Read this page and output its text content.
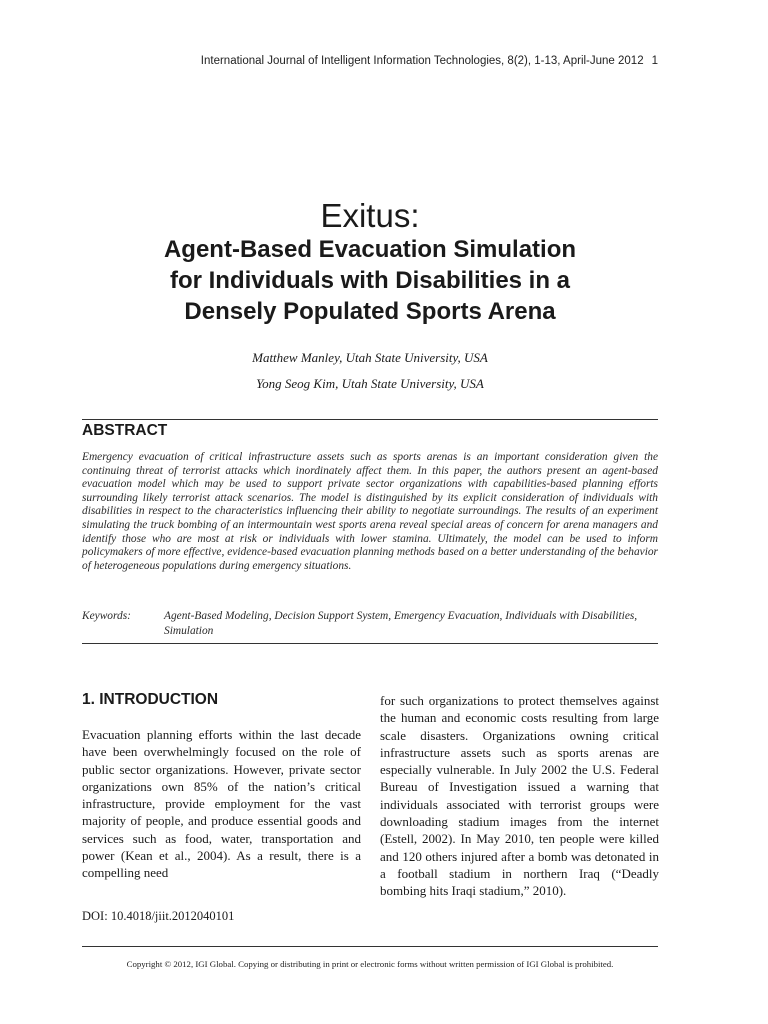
International Journal of Intelligent Information Technologies, 8(2), 1-13, April-June 2012 1
Exitus:
Agent-Based Evacuation Simulation
for Individuals with Disabilities in a
Densely Populated Sports Arena
Matthew Manley, Utah State University, USA
Yong Seog Kim, Utah State University, USA
ABSTRACT
Emergency evacuation of critical infrastructure assets such as sports arenas is an important consideration given the continuing threat of terrorist attacks which inordinately affect them. In this paper, the authors present an agent-based evacuation model which may be used to support private sector organizations with capabilities-based planning efforts surrounding likely terrorist attack scenarios. The model is distinguished by its explicit consideration of individuals with disabilities in respect to the characteristics influencing their ability to negotiate surroundings. The results of an experiment simulating the truck bombing of an intermountain west sports arena reveal special areas of concern for arena managers and identify those who are most at risk or individuals with lower stamina. Ultimately, the model can be used to inform policymakers of more effective, evidence-based evacuation planning methods based on a better understanding of the behavior of heterogeneous populations during emergency situations.
Keywords:	Agent-Based Modeling, Decision Support System, Emergency Evacuation, Individuals with Disabilities, Simulation
1. INTRODUCTION
Evacuation planning efforts within the last decade have been overwhelmingly focused on the role of public sector organizations. However, private sector organizations own 85% of the nation’s critical infrastructure, provide employment for the vast majority of people, and produce essential goods and services such as food, water, transportation and power (Kean et al., 2004). As a result, there is a compelling need
for such organizations to protect themselves against the human and economic costs resulting from large scale disasters. Organizations owning critical infrastructure assets such as sports arenas are especially vulnerable. In July 2002 the U.S. Federal Bureau of Investigation issued a warning that individuals associated with terrorist groups were downloading stadium images from the internet (Estell, 2002). In May 2010, ten people were killed and 120 others injured after a bomb was detonated in a football stadium in northern Iraq (“Deadly bombing hits Iraqi stadium,” 2010).
DOI: 10.4018/jiit.2012040101
Copyright © 2012, IGI Global. Copying or distributing in print or electronic forms without written permission of IGI Global is prohibited.
